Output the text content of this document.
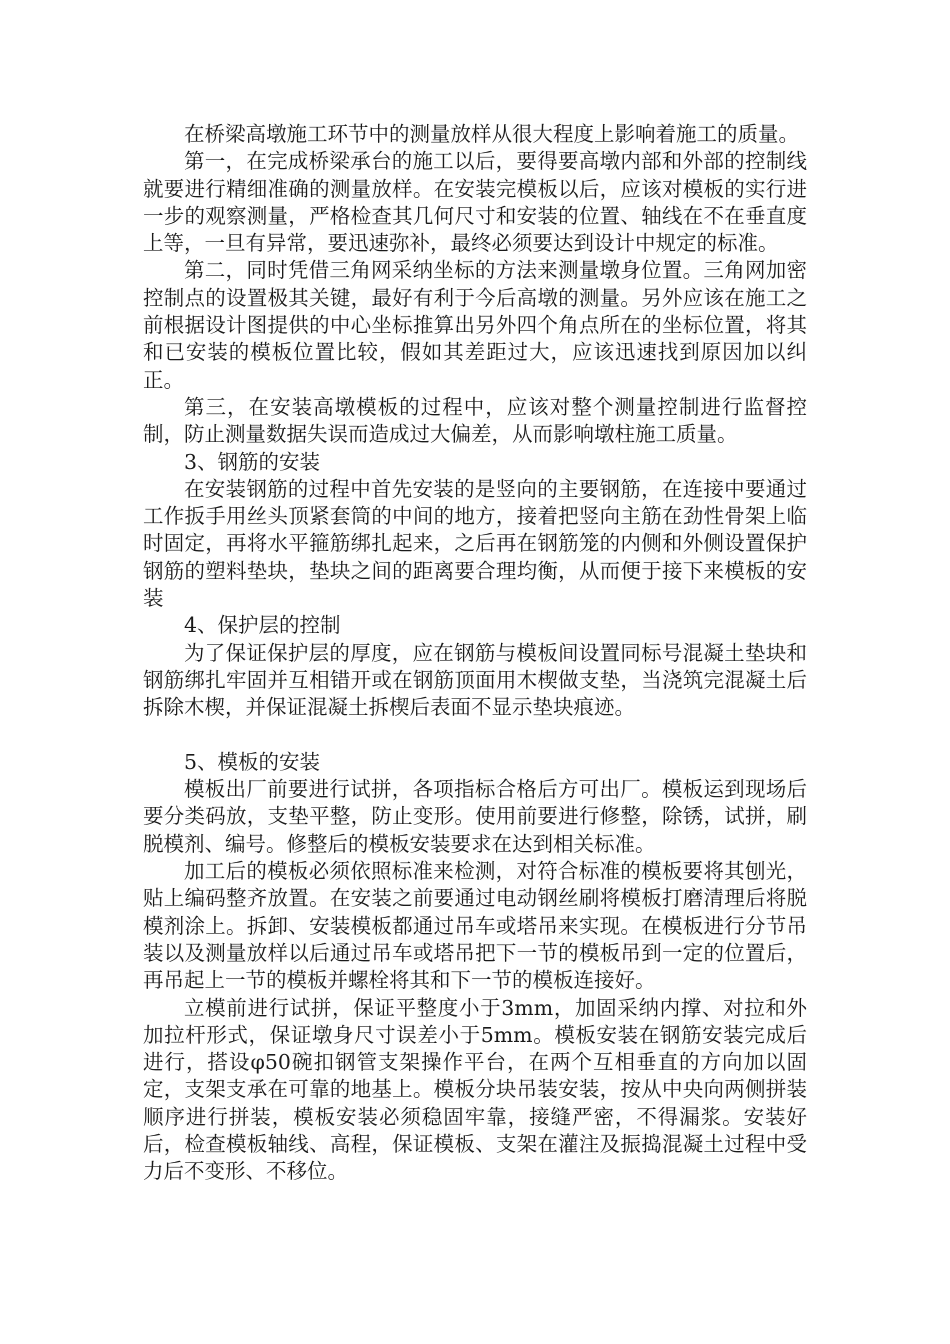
在桥梁高墩施工环节中的测量放样从很大程度上影响着施工的质量。

第一，在完成桥梁承台的施工以后，要得要高墩内部和外部的控制线就要进行精细准确的测量放样。在安装完模板以后，应该对模板的实行进一步的观察测量，严格检查其几何尺寸和安装的位置、轴线在不在垂直度上等，一旦有异常，要迅速弥补，最终必须要达到设计中规定的标准。

第二，同时凭借三角网采纳坐标的方法来测量墩身位置。三角网加密控制点的设置极其关键，最好有利于今后高墩的测量。另外应该在施工之前根据设计图提供的中心坐标推算出另外四个角点所在的坐标位置，将其和已安装的模板位置比较，假如其差距过大，应该迅速找到原因加以纠正。

第三，在安装高墩模板的过程中，应该对整个测量控制进行监督控制，防止测量数据失误而造成过大偏差，从而影响墩柱施工质量。

3、钢筋的安装

在安装钢筋的过程中首先安装的是竖向的主要钢筋，在连接中要通过工作扳手用丝头顶紧套筒的中间的地方，接着把竖向主筋在劲性骨架上临时固定，再将水平箍筋绑扎起来，之后再在钢筋笼的内侧和外侧设置保护钢筋的塑料垫块，垫块之间的距离要合理均衡，从而便于接下来模板的安装

4、保护层的控制

为了保证保护层的厚度，应在钢筋与模板间设置同标号混凝土垫块和钢筋绑扎牢固并互相错开或在钢筋顶面用木楔做支垫，当浇筑完混凝土后拆除木楔，并保证混凝土拆楔后表面不显示垫块痕迹。

5、模板的安装

模板出厂前要进行试拼，各项指标合格后方可出厂。模板运到现场后要分类码放，支垫平整，防止变形。使用前要进行修整，除锈，试拼，刷脱模剂、编号。修整后的模板安装要求在达到相关标准。

加工后的模板必须依照标准来检测，对符合标准的模板要将其刨光，贴上编码整齐放置。在安装之前要通过电动钢丝刷将模板打磨清理后将脱模剂涂上。拆卸、安装模板都通过吊车或塔吊来实现。在模板进行分节吊装以及测量放样以后通过吊车或塔吊把下一节的模板吊到一定的位置后，再吊起上一节的模板并螺栓将其和下一节的模板连接好。

立模前进行试拼，保证平整度小于3mm，加固采纳内撑、对拉和外加拉杆形式，保证墩身尺寸误差小于5mm。模板安装在钢筋安装完成后进行，搭设φ50碗扣钢管支架操作平台，在两个互相垂直的方向加以固定，支架支承在可靠的地基上。模板分块吊装安装，按从中央向两侧拼装顺序进行拼装，模板安装必须稳固牢靠，接缝严密，不得漏浆。安装好后，检查模板轴线、高程，保证模板、支架在灌注及振捣混凝土过程中受力后不变形、不移位。
